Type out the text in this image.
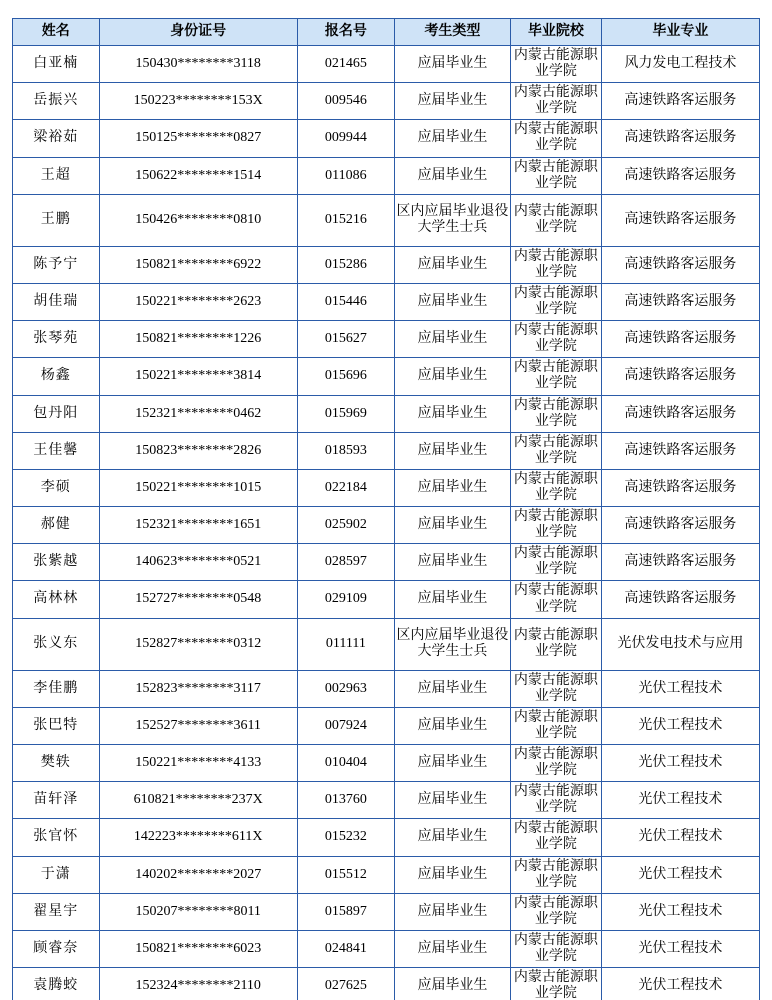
姓名	身份证号	报名号	考生类型	毕业院校	毕业专业
白亚楠	150430********3118	021465	应届毕业生	内蒙古能源职业学院	风力发电工程技术
岳振兴	150223********153X	009546	应届毕业生	内蒙古能源职业学院	高速铁路客运服务
梁裕茹	150125********0827	009944	应届毕业生	内蒙古能源职业学院	高速铁路客运服务
王超	150622********1514	011086	应届毕业生	内蒙古能源职业学院	高速铁路客运服务
王鹏	150426********0810	015216	区内应届毕业退役大学生士兵	内蒙古能源职业学院	高速铁路客运服务
陈予宁	150821********6922	015286	应届毕业生	内蒙古能源职业学院	高速铁路客运服务
胡佳瑞	150221********2623	015446	应届毕业生	内蒙古能源职业学院	高速铁路客运服务
张琴苑	150821********1226	015627	应届毕业生	内蒙古能源职业学院	高速铁路客运服务
杨鑫	150221********3814	015696	应届毕业生	内蒙古能源职业学院	高速铁路客运服务
包丹阳	152321********0462	015969	应届毕业生	内蒙古能源职业学院	高速铁路客运服务
王佳馨	150823********2826	018593	应届毕业生	内蒙古能源职业学院	高速铁路客运服务
李硕	150221********1015	022184	应届毕业生	内蒙古能源职业学院	高速铁路客运服务
郝健	152321********1651	025902	应届毕业生	内蒙古能源职业学院	高速铁路客运服务
张紫越	140623********0521	028597	应届毕业生	内蒙古能源职业学院	高速铁路客运服务
高林林	152727********0548	029109	应届毕业生	内蒙古能源职业学院	高速铁路客运服务
张义东	152827********0312	011111	区内应届毕业退役大学生士兵	内蒙古能源职业学院	光伏发电技术与应用
李佳鹏	152823********3117	002963	应届毕业生	内蒙古能源职业学院	光伏工程技术
张巴特	152527********3611	007924	应届毕业生	内蒙古能源职业学院	光伏工程技术
樊轶	150221********4133	010404	应届毕业生	内蒙古能源职业学院	光伏工程技术
苗轩泽	610821********237X	013760	应届毕业生	内蒙古能源职业学院	光伏工程技术
张官怀	142223********611X	015232	应届毕业生	内蒙古能源职业学院	光伏工程技术
于潇	140202********2027	015512	应届毕业生	内蒙古能源职业学院	光伏工程技术
翟星宇	150207********8011	015897	应届毕业生	内蒙古能源职业学院	光伏工程技术
顾睿奈	150821********6023	024841	应届毕业生	内蒙古能源职业学院	光伏工程技术
袁腾蛟	152324********2110	027625	应届毕业生	内蒙古能源职业学院	光伏工程技术
